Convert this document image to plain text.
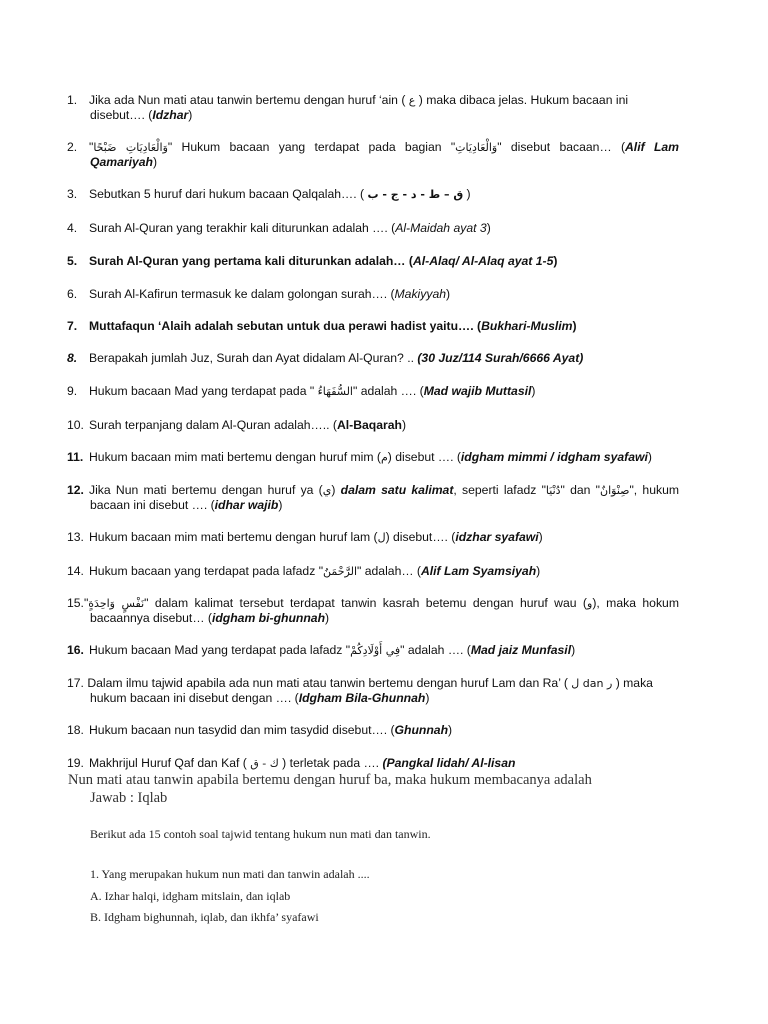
1. Jika ada Nun mati atau tanwin bertemu dengan huruf ‘ain ( ع ) maka dibaca jelas. Hukum bacaan ini
disebut…. (Idzhar)
2. "وَالْعَادِيَاتِ ضَبْحًا" Hukum bacaan yang terdapat pada bagian "وَالْعَادِيَاتِ" disebut bacaan… (Alif Lam
Qamariyah)
3. Sebutkan 5 huruf dari hukum bacaan Qalqalah…. ( ق – ط - د - ج - ب )
4. Surah Al-Quran yang terakhir kali diturunkan adalah …. (Al-Maidah ayat 3)
5. Surah Al-Quran yang pertama kali diturunkan adalah… (Al-Alaq/ Al-Alaq ayat 1-5)
6. Surah Al-Kafirun termasuk ke dalam golongan surah…. (Makiyyah)
7. Muttafaqun ‘Alaih adalah sebutan untuk dua perawi hadist yaitu…. (Bukhari-Muslim)
8. Berapakah jumlah Juz, Surah dan Ayat didalam Al-Quran? .. (30 Juz/114 Surah/6666 Ayat)
9. Hukum bacaan Mad yang terdapat pada " السُّفَهَاءُ" adalah …. (Mad wajib Muttasil)
10. Surah terpanjang dalam Al-Quran adalah….. (Al-Baqarah)
11. Hukum bacaan mim mati bertemu dengan huruf mim (م) disebut …. (idgham mimmi / idgham syafawi)
12. Jika Nun mati bertemu dengan huruf ya (ي) dalam satu kalimat, seperti lafadz "دُنْيَا" dan "صِنْوَانٌ", hukum
bacaan ini disebut …. (idhar wajib)
13. Hukum bacaan mim mati bertemu dengan huruf lam (ل) disebut…. (idzhar syafawi)
14. Hukum bacaan yang terdapat pada lafadz "الرَّحْمَنُ" adalah… (Alif Lam Syamsiyah)
15."نَفْسٍ وَاحِدَةٍ" dalam kalimat tersebut terdapat tanwin kasrah betemu dengan huruf wau (و), maka hokum
bacaannya disebut… (idgham bi-ghunnah)
16. Hukum bacaan Mad yang terdapat pada lafadz "فِي أَوْلَادِكُمْ" adalah …. (Mad jaiz Munfasil)
17. Dalam ilmu tajwid apabila ada nun mati atau tanwin bertemu dengan huruf Lam dan Ra’ ( ل dan ر ) maka
hukum bacaan ini disebut dengan …. (Idgham Bila-Ghunnah)
18. Hukum bacaan nun tasydid dan mim tasydid disebut…. (Ghunnah)
19. Makhrijul Huruf Qaf dan Kaf ( ك - ق ) terletak pada …. (Pangkal lidah/ Al-lisan
Nun mati atau tanwin apabila bertemu dengan huruf ba, maka hukum membacanya adalah
Jawab : Iqlab
Berikut ada 15 contoh soal tajwid tentang hukum nun mati dan tanwin.
1. Yang merupakan hukum nun mati dan tanwin adalah ....
A. Izhar halqi, idgham mitslain, dan iqlab
B. Idgham bighunnah, iqlab, dan ikhfa’ syafawi
